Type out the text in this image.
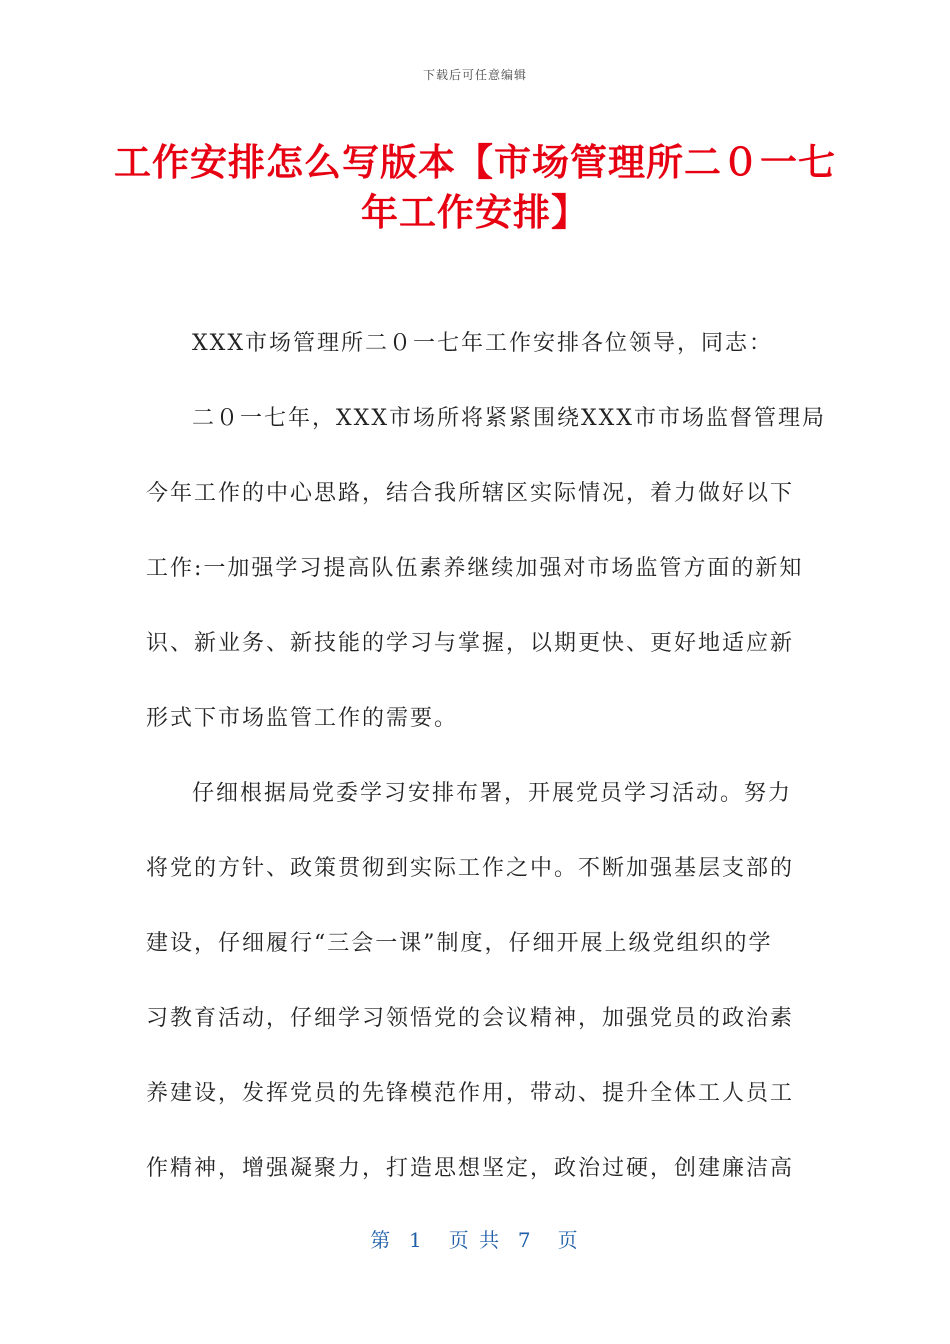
下载后可任意编辑
工作安排怎么写版本【市场管理所二０一七
年工作安排】
XXX市场管理所二０一七年工作安排各位领导，同志：
二０一七年，XXX市场所将紧紧围绕XXX市市场监督管理局
今年工作的中心思路，结合我所辖区实际情况，着力做好以下
工作:一加强学习提高队伍素养继续加强对市场监管方面的新知
识、新业务、新技能的学习与掌握，以期更快、更好地适应新
形式下市场监管工作的需要。
仔细根据局党委学习安排布署，开展党员学习活动。努力
将党的方针、政策贯彻到实际工作之中。不断加强基层支部的
建设，仔细履行“三会一课”制度，仔细开展上级党组织的学
习教育活动，仔细学习领悟党的会议精神，加强党员的政治素
养建设，发挥党员的先锋模范作用，带动、提升全体工人员工
作精神，增强凝聚力，打造思想坚定，政治过硬，创建廉洁高
第  1   页 共  7   页
